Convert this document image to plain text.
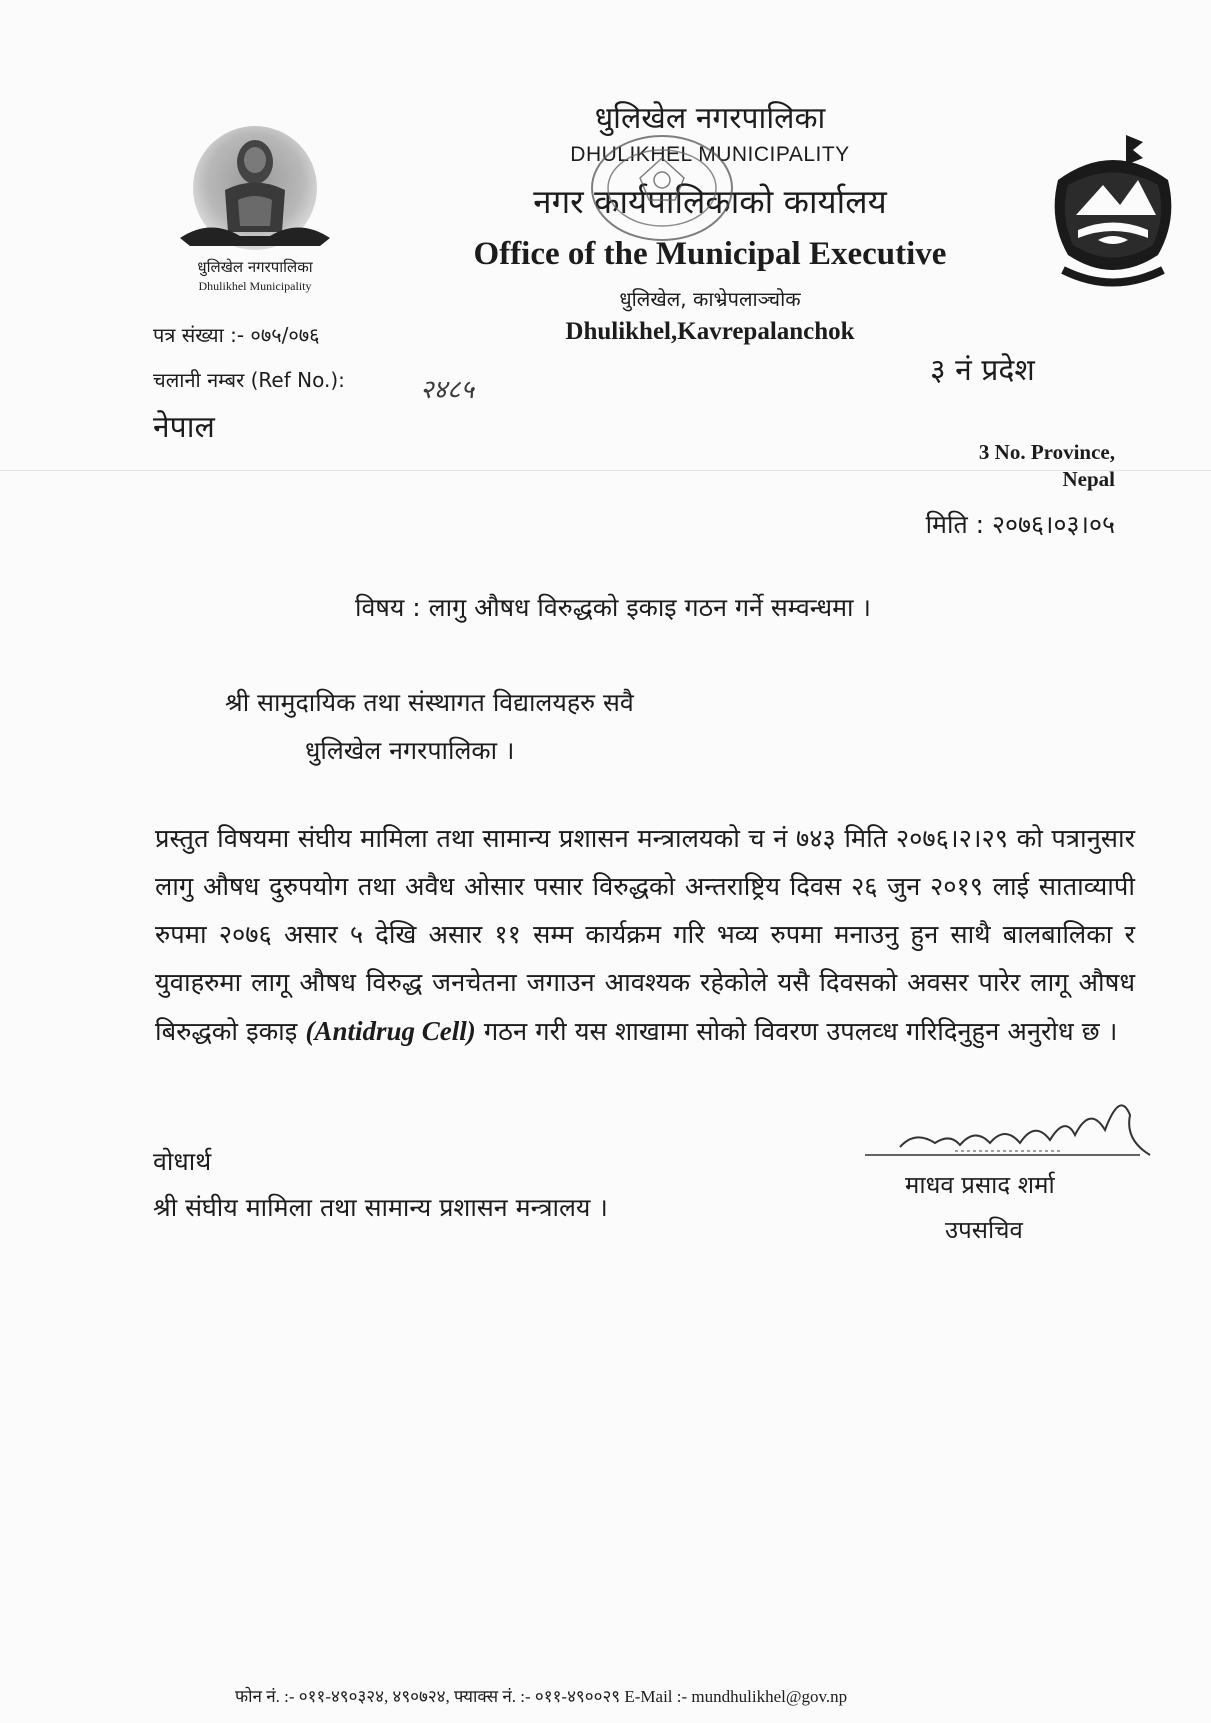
धुलिखेल नगरपालिका
Dhulikhel Municipality
धुलिखेल नगरपालिका
DHULIKHEL MUNICIPALITY
नगर कार्यपालिकाको कार्यालय
Office of the Municipal Executive
धुलिखेल, काभ्रेपलाञ्चोक
Dhulikhel,Kavrepalanchok
पत्र संख्या :- ०७५/०७६
चलानी नम्बर (Ref No.):	२४८५
नेपाल
३ नं प्रदेश
3 No. Province,
Nepal
मिति : २०७६।०३।०५
विषय : लागु औषध विरुद्धको इकाइ गठन गर्ने सम्वन्धमा ।
श्री सामुदायिक तथा संस्थागत विद्यालयहरु सवै
धुलिखेल नगरपालिका ।
प्रस्तुत विषयमा संघीय मामिला तथा सामान्य प्रशासन मन्त्रालयको च नं ७४३ मिति २०७६।२।२९ को पत्रानुसार लागु औषध दुरुपयोग तथा अवैध ओसार पसार विरुद्धको अन्तराष्ट्रिय दिवस २६ जुन २०१९ लाई साताव्यापी रुपमा २०७६ असार ५ देखि असार ११ सम्म कार्यक्रम गरि भव्य रुपमा मनाउनु हुन साथै बालबालिका र युवाहरुमा लागू औषध विरुद्ध जनचेतना जगाउन आवश्यक रहेकोले यसै दिवसको अवसर पारेर लागू औषध बिरुद्धको इकाइ (Antidrug Cell) गठन गरी यस शाखामा सोको विवरण उपलव्ध गरिदिनुहुन अनुरोध छ ।
वोधार्थ
श्री संघीय मामिला तथा सामान्य प्रशासन मन्त्रालय ।
माधव प्रसाद शर्मा
उपसचिव
फोन नं. :- ०११-४९०३२४, ४९०७२४, फ्याक्स नं. :- ०११-४९००२९ E-Mail :- mundhulikhel@gov.np
